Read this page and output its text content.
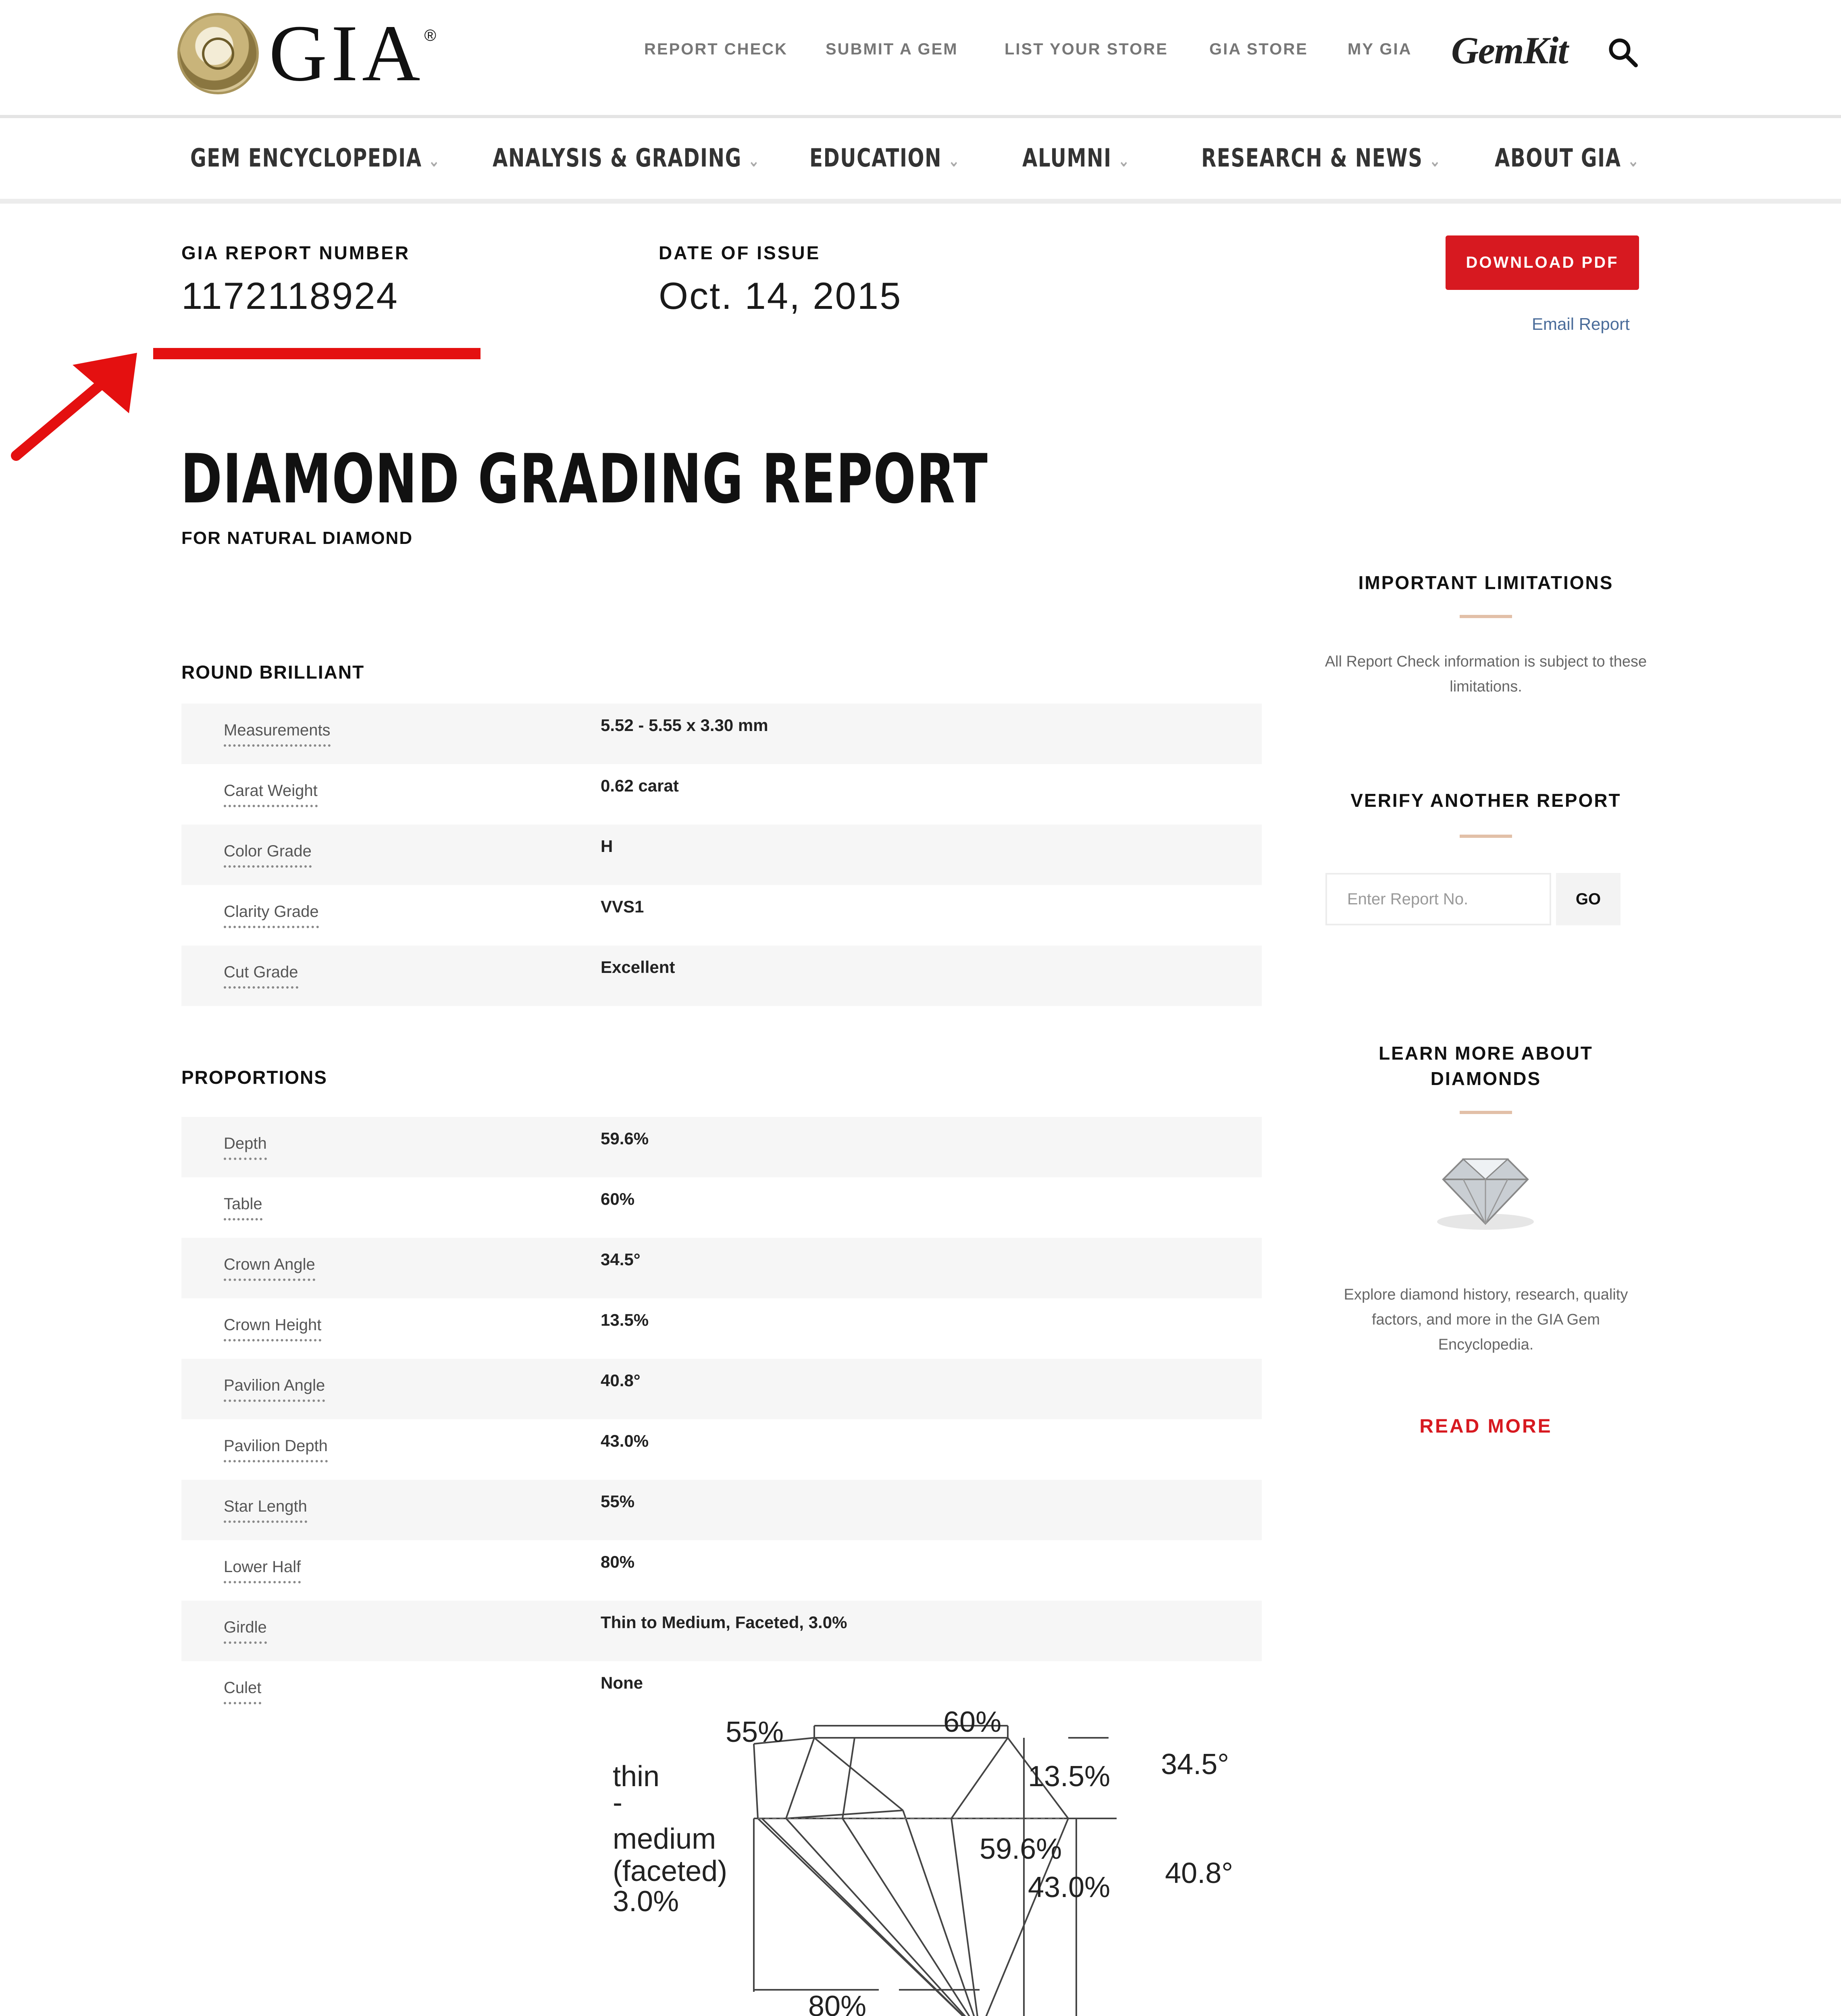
GIA ®
REPORT CHECK SUBMIT A GEM	LIST YOUR STORE	GIA STORE MY GIA GemKit
GEM ENCYCLOPEDIA ⌄ ANALYSIS & GRADING ⌄ EDUCATION ⌄ ALUMNI ⌄	RESEARCH & NEWS ⌄ ABOUT GIA ⌄
GIA REPORT NUMBER
1172118924
DATE OF ISSUE
Oct. 14, 2015
DOWNLOAD PDF
Email Report
DIAMOND GRADING REPORT
FOR NATURAL DIAMOND
ROUND BRILLIANT
Measurements	5.52 - 5.55 x 3.30 mm
Carat Weight	0.62 carat
Color Grade	H
Clarity Grade	VVS1
Cut Grade	Excellent
PROPORTIONS
Depth	59.6%
Table	60%
Crown Angle	34.5°
Crown Height	13.5%
Pavilion Angle	40.8°
Pavilion Depth	43.0%
Star Length	55%
Lower Half	80%
Girdle	Thin to Medium, Faceted, 3.0%
Culet	None
55%	60%
13.5% 34.5°
thin
-
medium
(faceted)
3.0%
59.6%
43.0% 40.8°
80%
IMPORTANT LIMITATIONS
All Report Check information is subject to these limitations.
VERIFY ANOTHER REPORT
Enter Report No.
GO
LEARN MORE ABOUT
DIAMONDS
Explore diamond history, research, quality factors, and more in the GIA Gem Encyclopedia.
READ MORE
